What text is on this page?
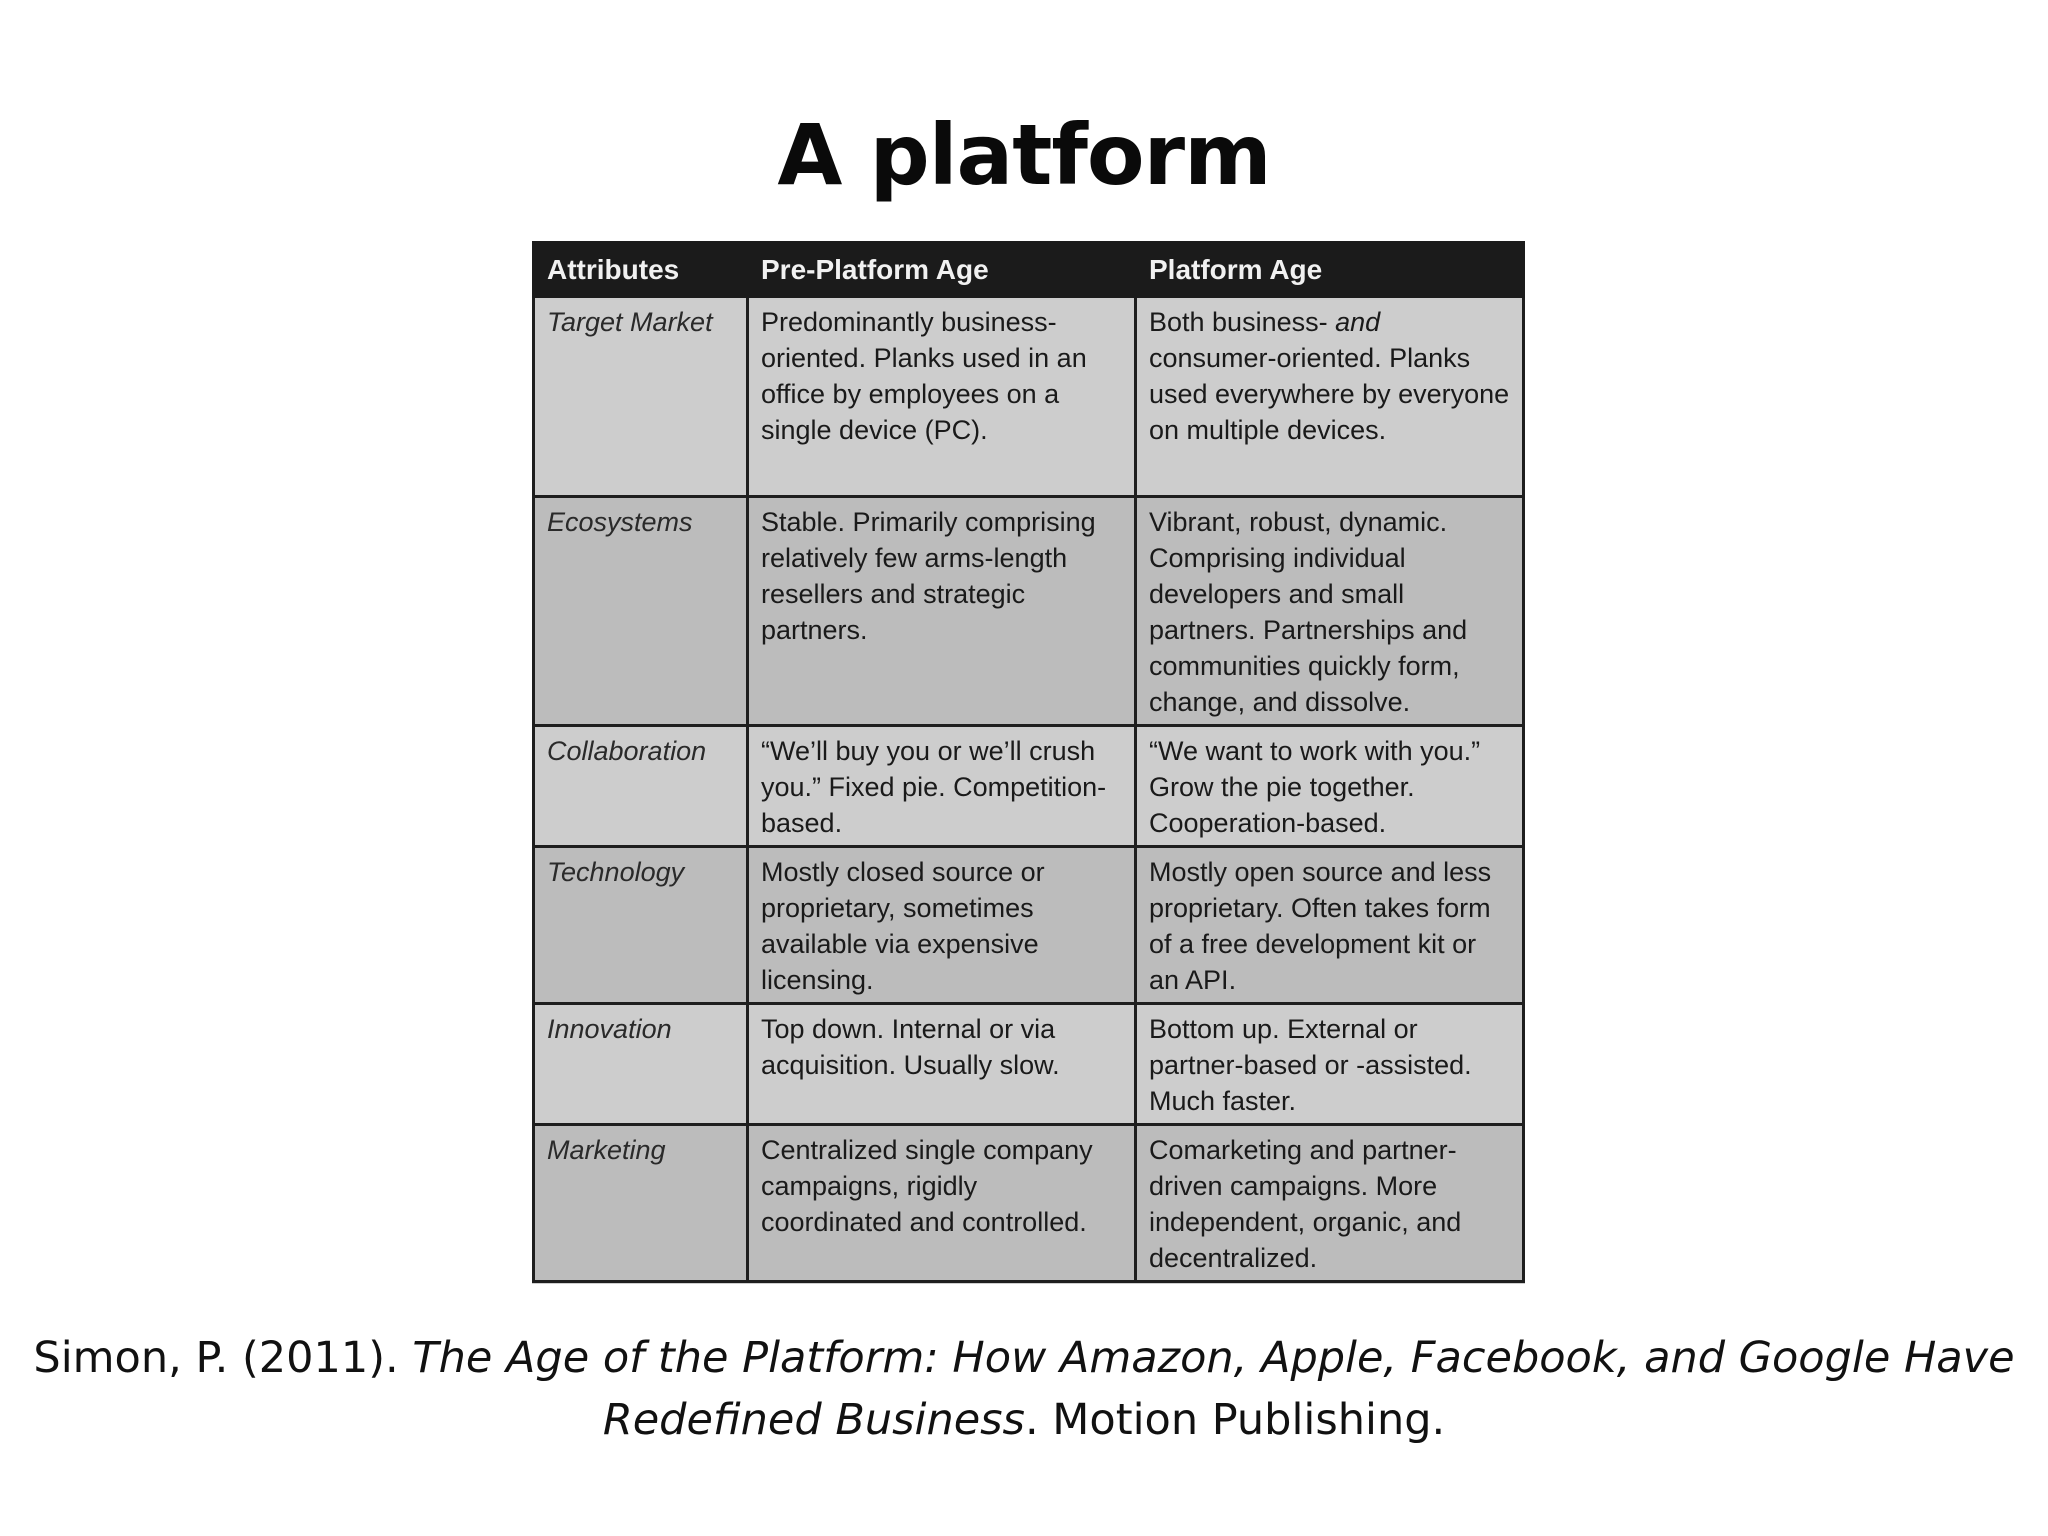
A platform
Attributes	Pre-Platform Age	Platform Age
Target Market	Predominantly business-oriented. Planks used in an office by employees on a single device (PC).	Both business- and consumer-oriented. Planks used everywhere by everyone on multiple devices.
Ecosystems	Stable. Primarily comprising relatively few arms-length resellers and strategic partners.	Vibrant, robust, dynamic. Comprising individual developers and small partners. Partnerships and communities quickly form, change, and dissolve.
Collaboration	“We’ll buy you or we’ll crush you.” Fixed pie. Competition-based.	“We want to work with you.” Grow the pie together. Cooperation-based.
Technology	Mostly closed source or proprietary, sometimes available via expensive licensing.	Mostly open source and less proprietary. Often takes form of a free development kit or an API.
Innovation	Top down. Internal or via acquisition. Usually slow.	Bottom up. External or partner-based or -assisted. Much faster.
Marketing	Centralized single company campaigns, rigidly coordinated and controlled.	Comarketing and partner-driven campaigns. More independent, organic, and decentralized.
Simon, P. (2011). The Age of the Platform: How Amazon, Apple, Facebook, and Google Have Redefined Business. Motion Publishing.
